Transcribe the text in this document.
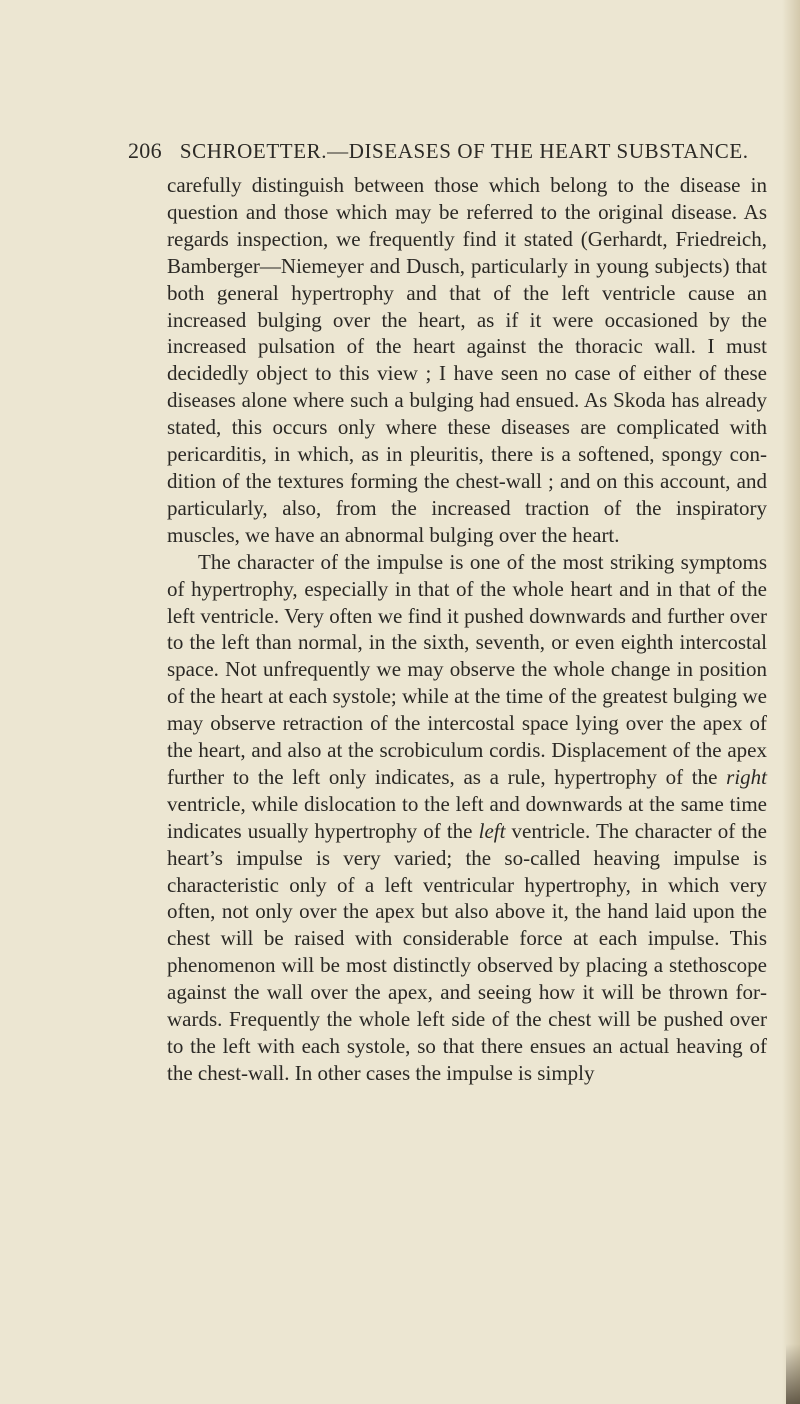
206 SCHROETTER.—DISEASES OF THE HEART SUBSTANCE.

carefully distinguish between those which belong to the disease in question and those which may be referred to the original disease. As regards inspection, we frequently find it stated (Gerhardt, Friedreich, Bamberger—Niemeyer and Dusch, particularly in young subjects) that both general hypertrophy and that of the left ventricle cause an increased bulging over the heart, as if it were occasioned by the increased pulsation of the heart against the thoracic wall. I must decidedly object to this view ; I have seen no case of either of these diseases alone where such a bulging had ensued. As Skoda has already stated, this occurs only where these diseases are complicated with pericarditis, in which, as in pleuritis, there is a softened, spongy condition of the textures forming the chest-wall ; and on this account, and particularly, also, from the increased traction of the inspiratory muscles, we have an abnormal bulging over the heart.

The character of the impulse is one of the most striking symptoms of hypertrophy, especially in that of the whole heart and in that of the left ventricle. Very often we find it pushed downwards and further over to the left than normal, in the sixth, seventh, or even eighth intercostal space. Not unfrequently we may observe the whole change in position of the heart at each systole; while at the time of the greatest bulging we may observe retraction of the intercostal space lying over the apex of the heart, and also at the scrobiculum cordis. Displacement of the apex further to the left only indicates, as a rule, hypertrophy of the right ventricle, while dislocation to the left and downwards at the same time indicates usually hypertrophy of the left ventricle. The character of the heart’s impulse is very varied; the so-called heaving impulse is characteristic only of a left ventricular hypertrophy, in which very often, not only over the apex but also above it, the hand laid upon the chest will be raised with considerable force at each impulse. This phenomenon will be most distinctly observed by placing a stethoscope against the wall over the apex, and seeing how it will be thrown forwards. Frequently the whole left side of the chest will be pushed over to the left with each systole, so that there ensues an actual heaving of the chest-wall. In other cases the impulse is simply
